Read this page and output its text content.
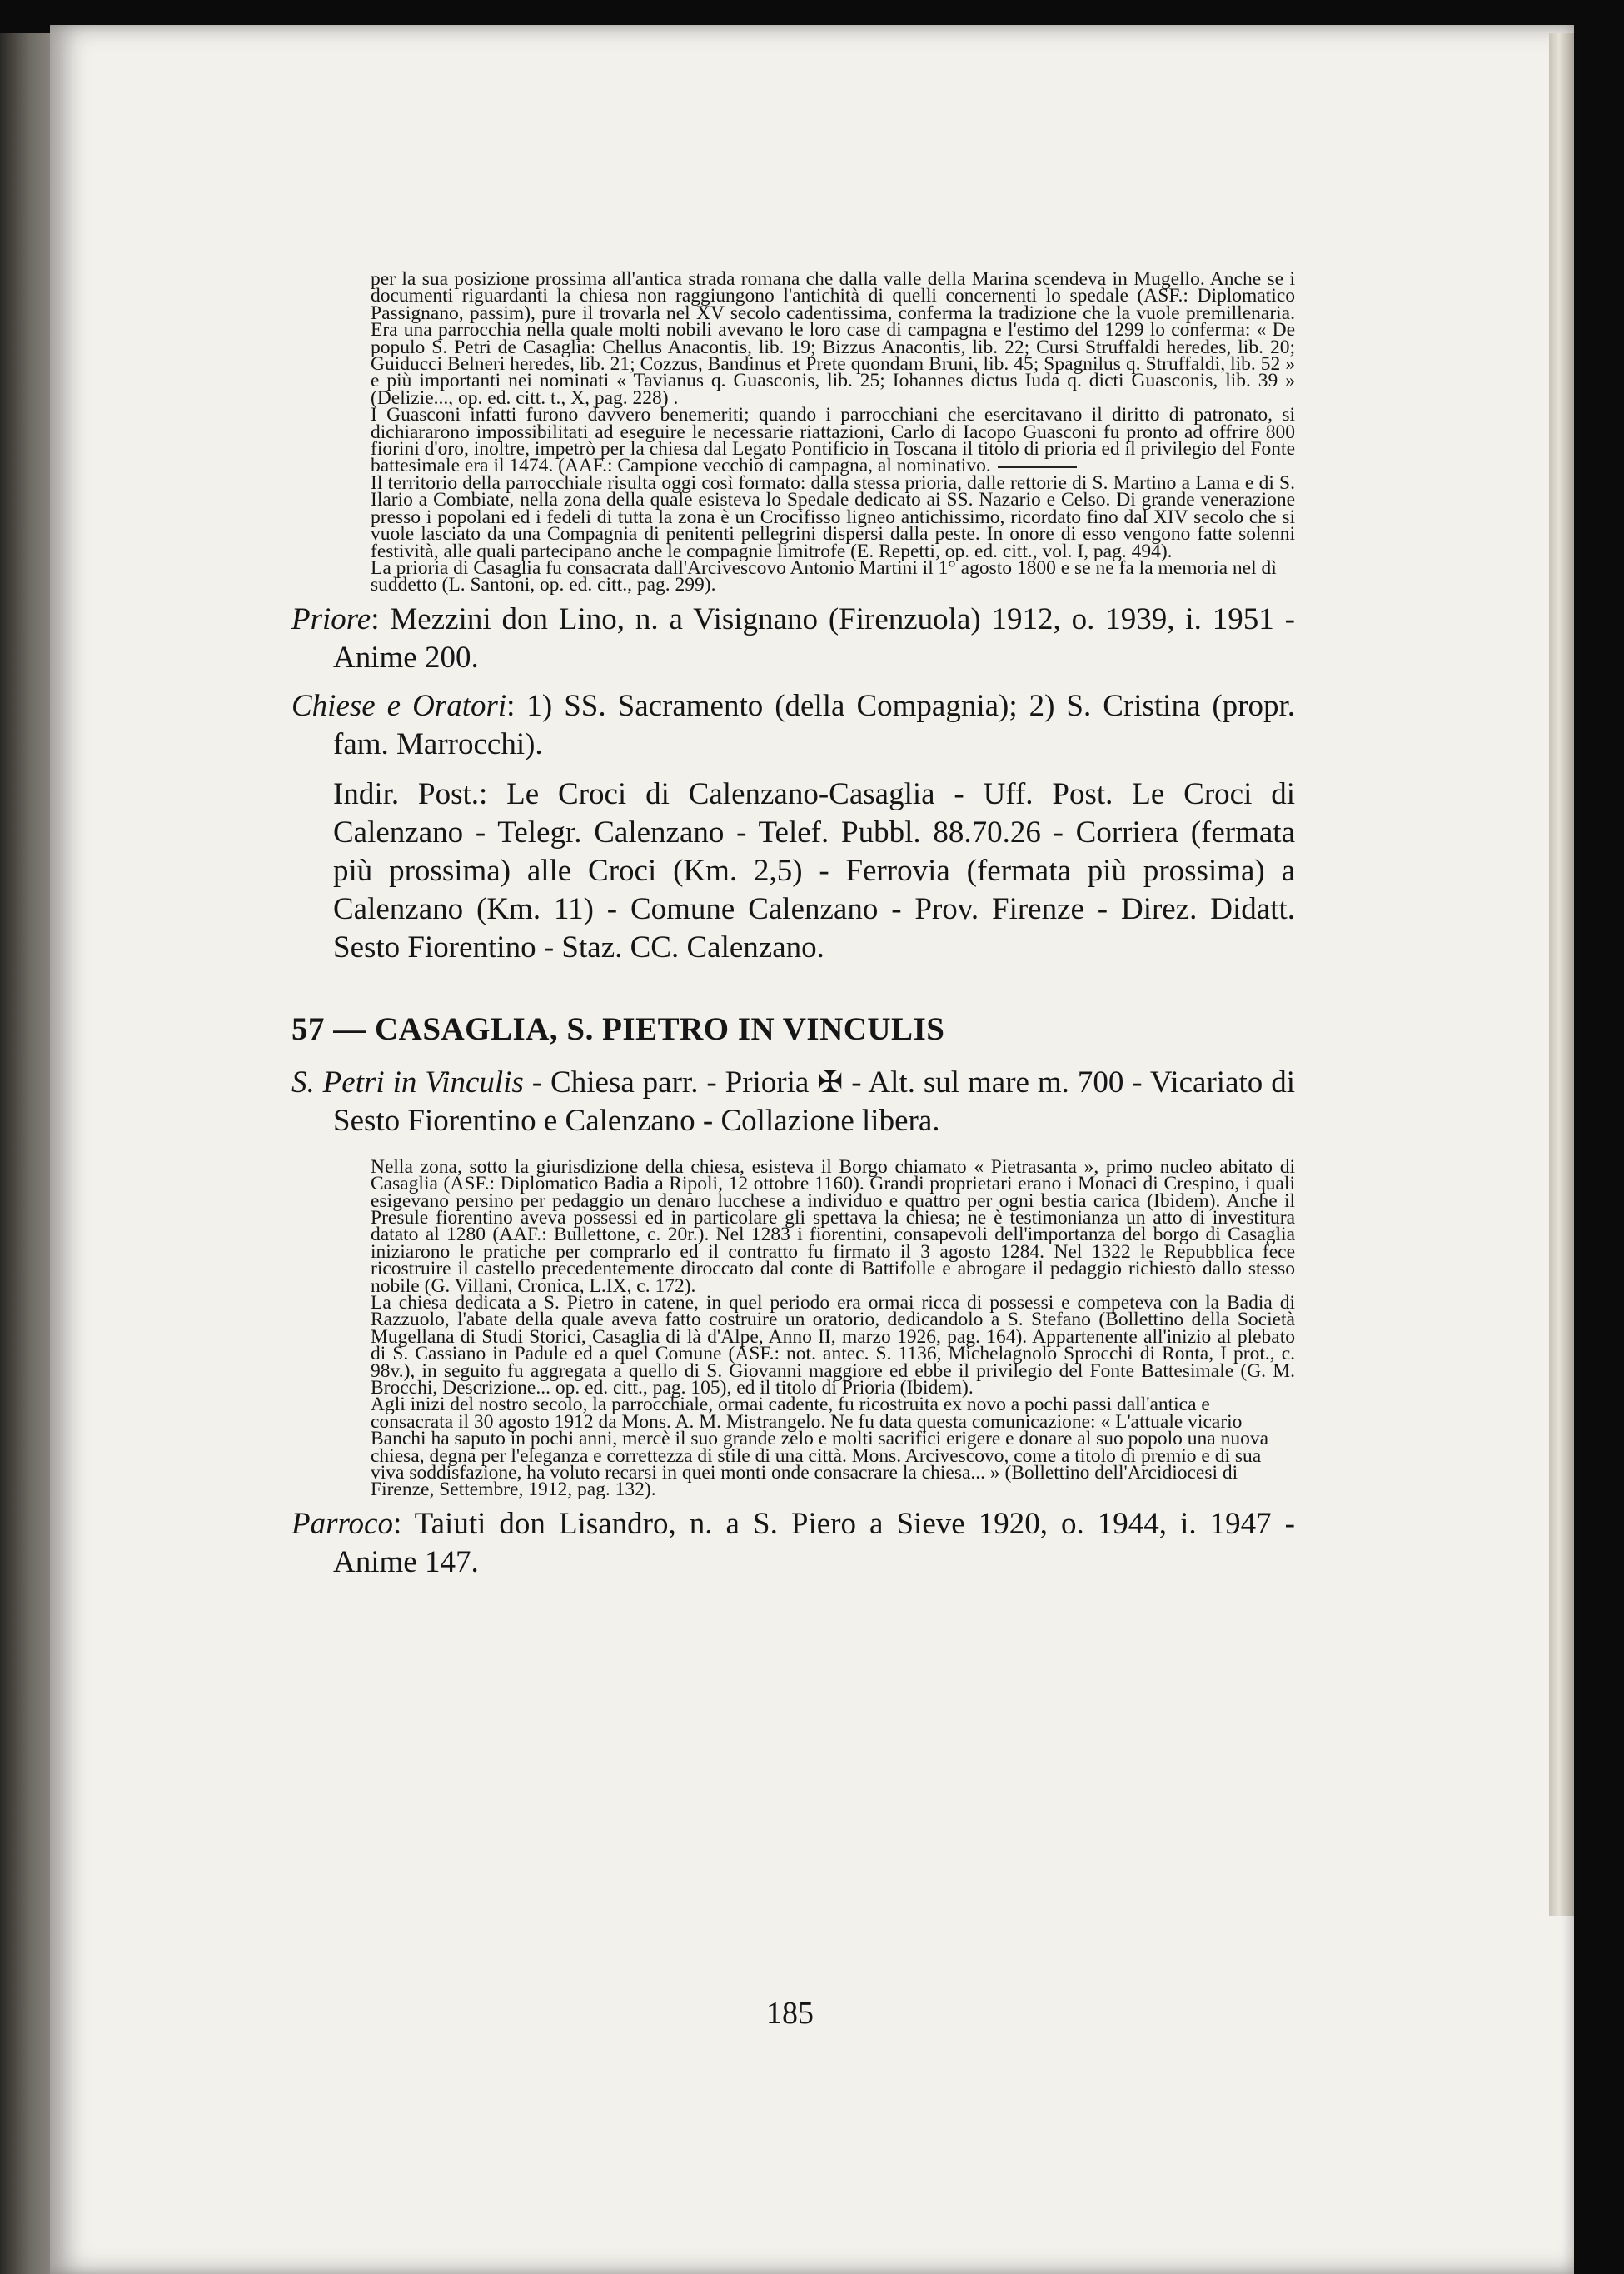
per la sua posizione prossima all'antica strada romana che dalla valle della Marina scendeva in Mugello. Anche se i documenti riguardanti la chiesa non raggiungono l'antichità di quelli concernenti lo spedale (ASF.: Diplomatico Passignano, passim), pure il trovarla nel XV secolo cadentissima, conferma la tradizione che la vuole premillenaria. Era una parrocchia nella quale molti nobili avevano le loro case di campagna e l'estimo del 1299 lo conferma: « De populo S. Petri de Casaglia: Chellus Anacontis, lib. 19; Bizzus Anacontis, lib. 22; Cursi Struffaldi heredes, lib. 20; Guiducci Belneri heredes, lib. 21; Cozzus, Bandinus et Prete quondam Bruni, lib. 45; Spagnilus q. Struffaldi, lib. 52 » e più importanti nei nominati « Tavianus q. Guasconis, lib. 25; Iohannes dictus Iuda q. dicti Guasconis, lib. 39 » (Delizie..., op. ed. citt. t., X, pag. 228) .

I Guasconi infatti furono davvero benemeriti; quando i parrocchiani che esercitavano il diritto di patronato, si dichiararono impossibilitati ad eseguire le necessarie riattazioni, Carlo di Iacopo Guasconi fu pronto ad offrire 800 fiorini d'oro, inoltre, impetrò per la chiesa dal Legato Pontificio in Toscana il titolo di prioria ed il privilegio del Fonte battesimale era il 1474. (AAF.: Campione vecchio di campagna, al nominativo.

Il territorio della parrocchiale risulta oggi così formato: dalla stessa prioria, dalle rettorie di S. Martino a Lama e di S. Ilario a Combiate, nella zona della quale esisteva lo Spedale dedicato ai SS. Nazario e Celso. Di grande venerazione presso i popolani ed i fedeli di tutta la zona è un Crocifisso ligneo antichissimo, ricordato fino dal XIV secolo che si vuole lasciato da una Compagnia di penitenti pellegrini dispersi dalla peste. In onore di esso vengono fatte solenni festività, alle quali partecipano anche le compagnie limitrofe (E. Repetti, op. ed. citt., vol. I, pag. 494).

La prioria di Casaglia fu consacrata dall'Arcivescovo Antonio Martini il 1° agosto 1800 e se ne fa la memoria nel dì suddetto (L. Santoni, op. ed. citt., pag. 299).

Priore: Mezzini don Lino, n. a Visignano (Firenzuola) 1912, o. 1939, i. 1951 - Anime 200.
Chiese e Oratori: 1) SS. Sacramento (della Compagnia); 2) S. Cristina (propr. fam. Marrocchi).
Indir. Post.: Le Croci di Calenzano-Casaglia - Uff. Post. Le Croci di Calenzano - Telegr. Calenzano - Telef. Pubbl. 88.70.26 - Corriera (fermata più prossima) alle Croci (Km. 2,5) - Ferrovia (fermata più prossima) a Calenzano (Km. 11) - Comune Calenzano - Prov. Firenze - Direz. Didatt. Sesto Fiorentino - Staz. CC. Calenzano.
57 — CASAGLIA, S. PIETRO IN VINCULIS
S. Petri in Vinculis - Chiesa parr. - Prioria ✠ - Alt. sul mare m. 700 - Vicariato di Sesto Fiorentino e Calenzano - Collazione libera.

Nella zona, sotto la giurisdizione della chiesa, esisteva il Borgo chiamato « Pietrasanta », primo nucleo abitato di Casaglia (ASF.: Diplomatico Badia a Ripoli, 12 ottobre 1160). Grandi proprietari erano i Monaci di Crespino, i quali esigevano persino per pedaggio un denaro lucchese a individuo e quattro per ogni bestia carica (Ibidem). Anche il Presule fiorentino aveva possessi ed in particolare gli spettava la chiesa; ne è testimonianza un atto di investitura datato al 1280 (AAF.: Bullettone, c. 20r.). Nel 1283 i fiorentini, consapevoli dell'importanza del borgo di Casaglia iniziarono le pratiche per comprarlo ed il contratto fu firmato il 3 agosto 1284. Nel 1322 le Repubblica fece ricostruire il castello precedentemente diroccato dal conte di Battifolle e abrogare il pedaggio richiesto dallo stesso nobile (G. Villani, Cronica, L.IX, c. 172).

La chiesa dedicata a S. Pietro in catene, in quel periodo era ormai ricca di possessi e competeva con la Badia di Razzuolo, l'abate della quale aveva fatto costruire un oratorio, dedicandolo a S. Stefano (Bollettino della Società Mugellana di Studi Storici, Casaglia di là d'Alpe, Anno II, marzo 1926, pag. 164). Appartenente all'inizio al plebato di S. Cassiano in Padule ed a quel Comune (ASF.: not. antec. S. 1136, Michelagnolo Sprocchi di Ronta, I prot., c. 98v.), in seguito fu aggregata a quello di S. Giovanni maggiore ed ebbe il privilegio del Fonte Battesimale (G. M. Brocchi, Descrizione... op. ed. citt., pag. 105), ed il titolo di Prioria (Ibidem).

Agli inizi del nostro secolo, la parrocchiale, ormai cadente, fu ricostruita ex novo a pochi passi dall'antica e consacrata il 30 agosto 1912 da Mons. A. M. Mistrangelo. Ne fu data questa comunicazione: « L'attuale vicario Banchi ha saputo in pochi anni, mercè il suo grande zelo e molti sacrifici erigere e donare al suo popolo una nuova chiesa, degna per l'eleganza e correttezza di stile di una città. Mons. Arcivescovo, come a titolo di premio e di sua viva soddisfazione, ha voluto recarsi in quei monti onde consacrare la chiesa... » (Bollettino dell'Arcidiocesi di Firenze, Settembre, 1912, pag. 132).

Parroco: Taiuti don Lisandro, n. a S. Piero a Sieve 1920, o. 1944, i. 1947 - Anime 147.
185
